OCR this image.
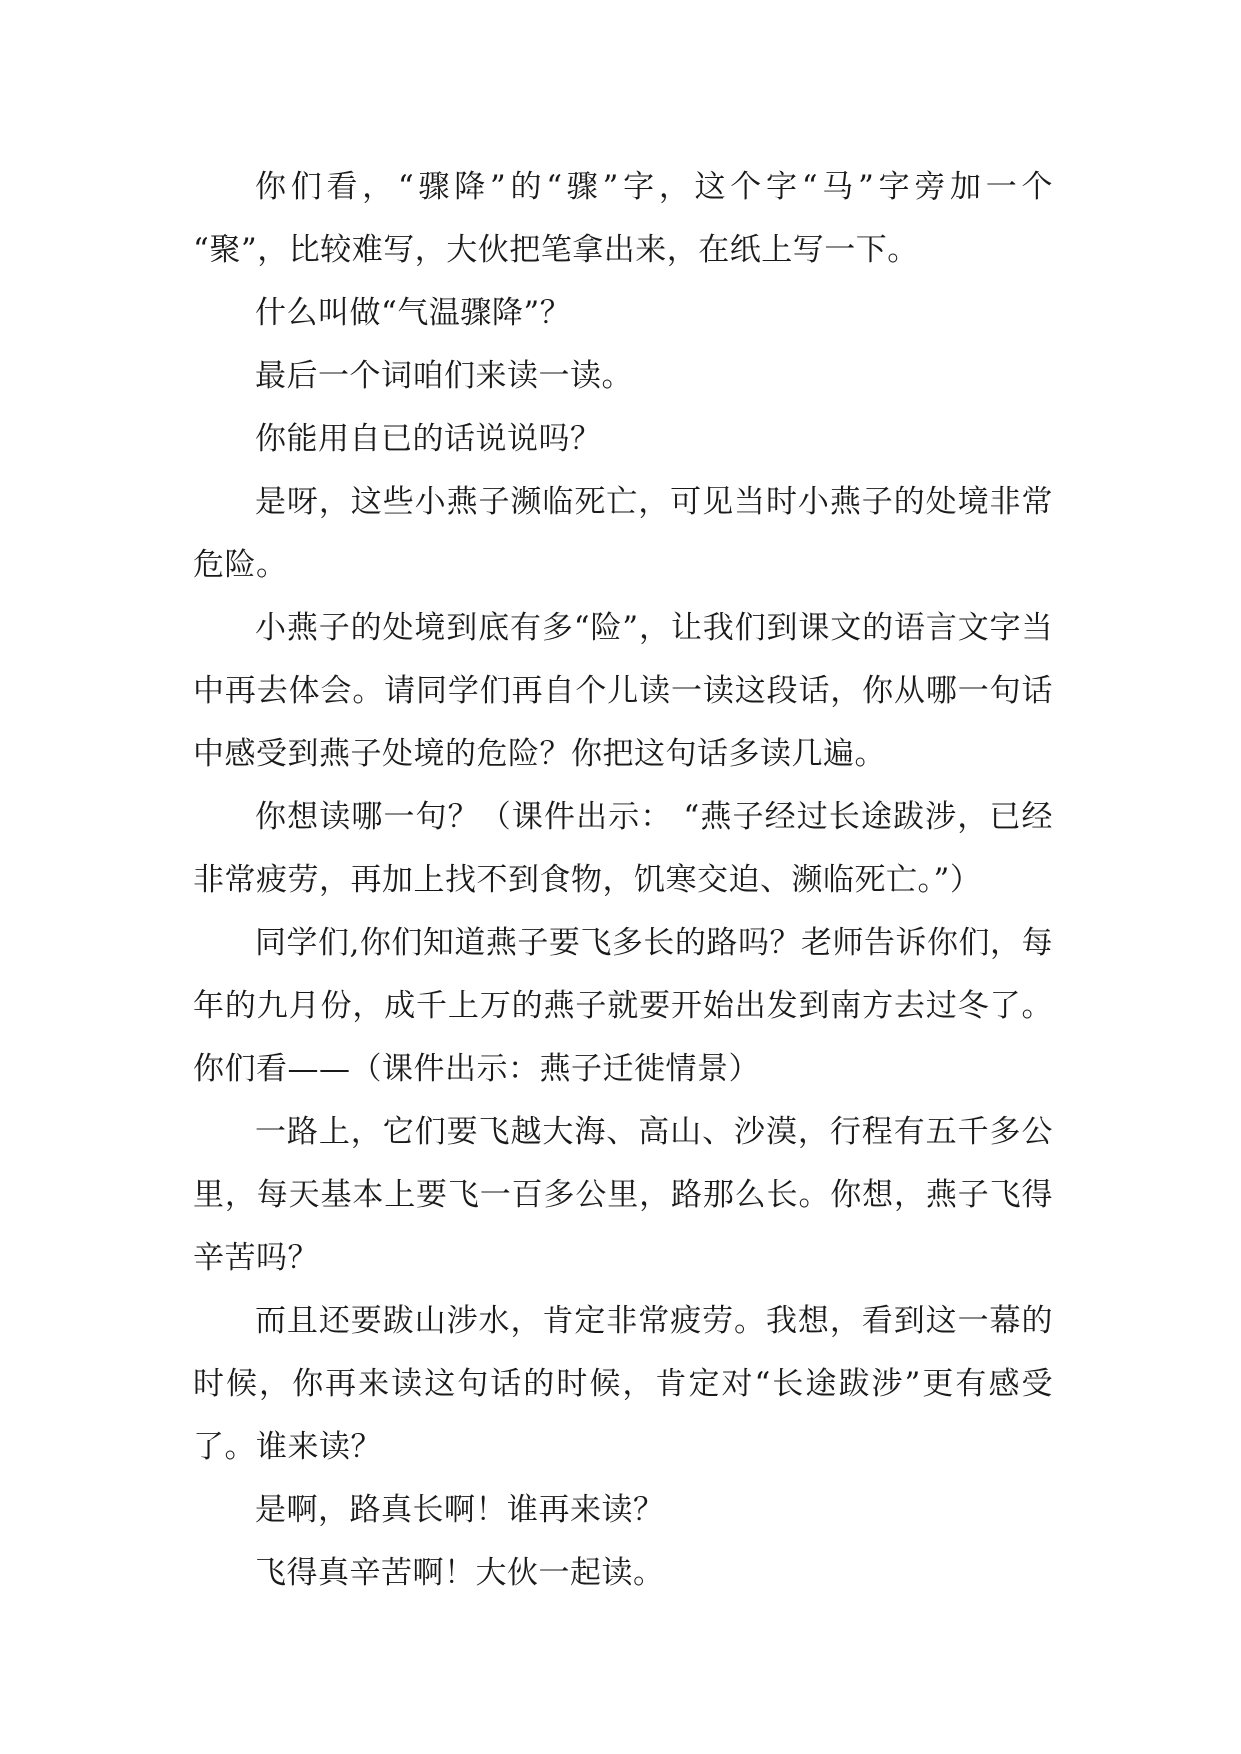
你们看，“骤降”的“骤”字，这个字“马”字旁加一个 “聚”，比较难写，大伙把笔拿出来，在纸上写一下。

什么叫做“气温骤降”？

最后一个词咱们来读一读。

你能用自已的话说说吗？

是呀，这些小燕子濒临死亡，可见当时小燕子的处境非常危险。

小燕子的处境到底有多“险”，让我们到课文的语言文字当中再去体会。请同学们再自个儿读一读这段话，你从哪一句话中感受到燕子处境的危险？你把这句话多读几遍。

你想读哪一句？（课件出示： “燕子经过长途跋涉，已经非常疲劳，再加上找不到食物，饥寒交迫、濒临死亡。”）

同学们,你们知道燕子要飞多长的路吗？老师告诉你们，每年的九月份，成千上万的燕子就要开始出发到南方去过冬了。你们看——（课件出示：燕子迁徙情景）

一路上，它们要飞越大海、高山、沙漠，行程有五千多公里，每天基本上要飞一百多公里，路那么长。你想，燕子飞得辛苦吗？

而且还要跋山涉水，肯定非常疲劳。我想，看到这一幕的时候，你再来读这句话的时候，肯定对“长途跋涉”更有感受了。谁来读？

是啊，路真长啊！谁再来读？

飞得真辛苦啊！大伙一起读。
